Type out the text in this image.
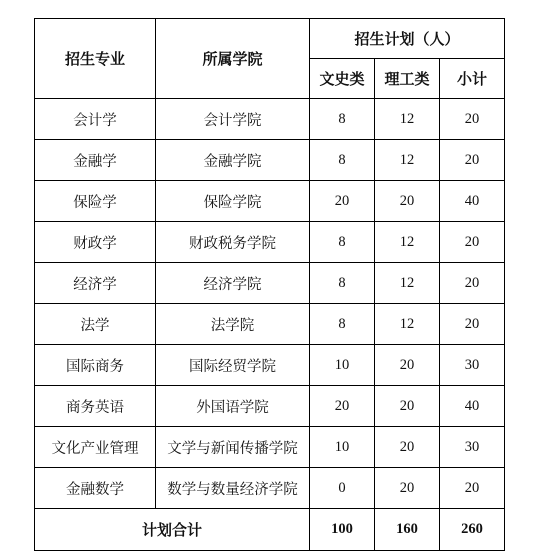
招生专业	所属学院	招生计划（人）		
		文史类	理工类	小计
会计学	会计学院	8	12	20
金融学	金融学院	8	12	20
保险学	保险学院	20	20	40
财政学	财政税务学院	8	12	20
经济学	经济学院	8	12	20
法学	法学院	8	12	20
国际商务	国际经贸学院	10	20	30
商务英语	外国语学院	20	20	40
文化产业管理	文学与新闻传播学院	10	20	30
金融数学	数学与数量经济学院	0	20	20
计划合计		100	160	260
